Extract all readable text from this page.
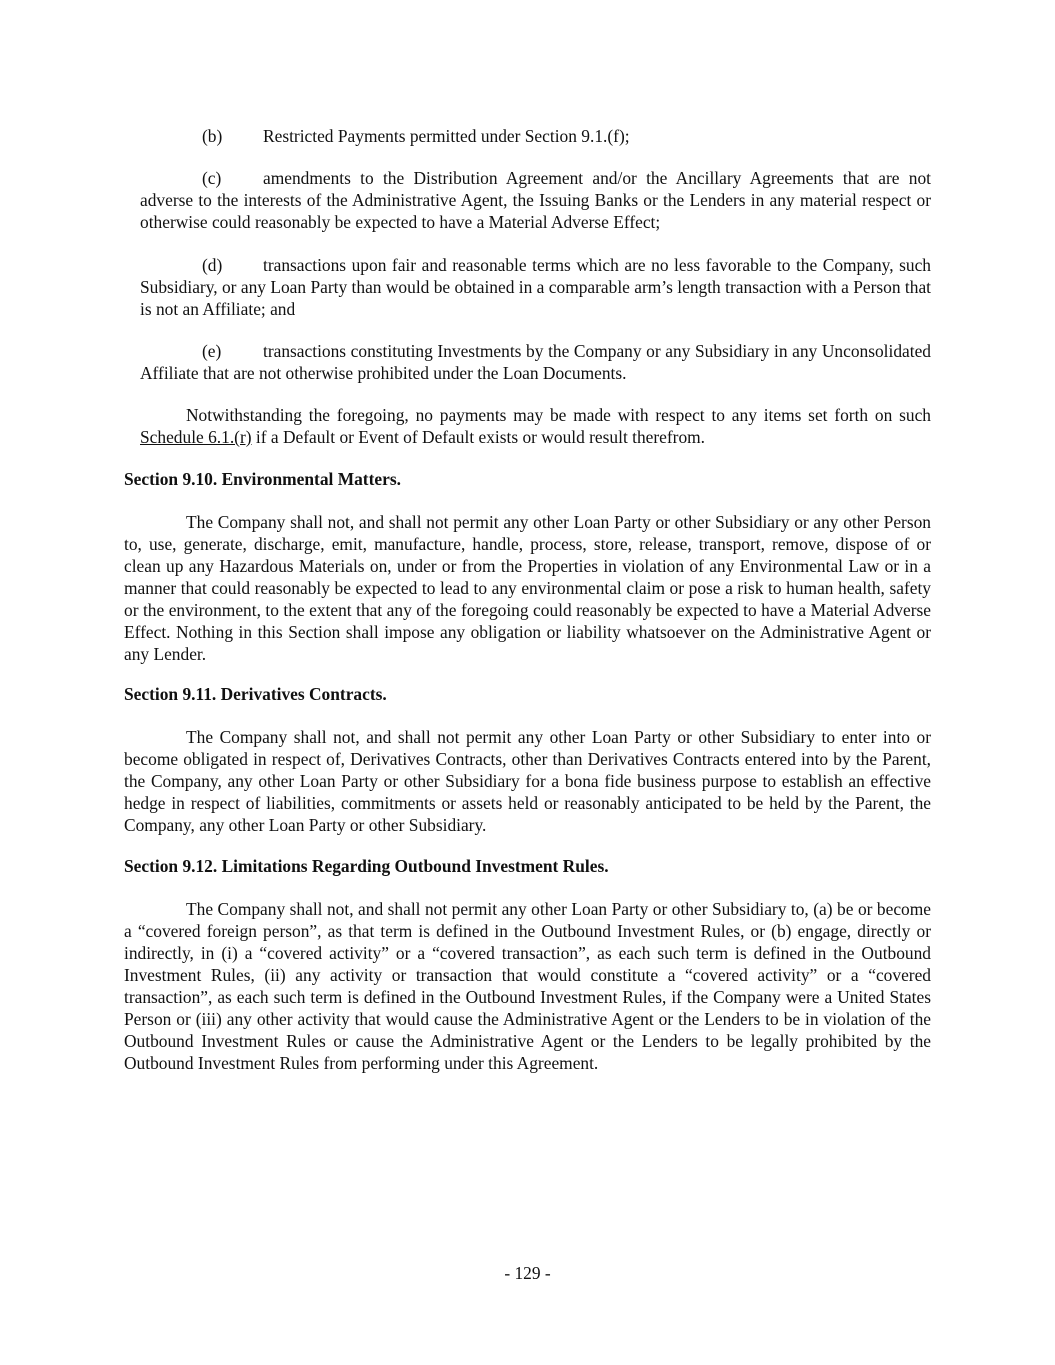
(b) Restricted Payments permitted under Section 9.1.(f);
(c) amendments to the Distribution Agreement and/or the Ancillary Agreements that are not adverse to the interests of the Administrative Agent, the Issuing Banks or the Lenders in any material respect or otherwise could reasonably be expected to have a Material Adverse Effect;
(d) transactions upon fair and reasonable terms which are no less favorable to the Company, such Subsidiary, or any Loan Party than would be obtained in a comparable arm’s length transaction with a Person that is not an Affiliate; and
(e) transactions constituting Investments by the Company or any Subsidiary in any Unconsolidated Affiliate that are not otherwise prohibited under the Loan Documents.
Notwithstanding the foregoing, no payments may be made with respect to any items set forth on such Schedule 6.1.(r) if a Default or Event of Default exists or would result therefrom.
Section 9.10. Environmental Matters.
The Company shall not, and shall not permit any other Loan Party or other Subsidiary or any other Person to, use, generate, discharge, emit, manufacture, handle, process, store, release, transport, remove, dispose of or clean up any Hazardous Materials on, under or from the Properties in violation of any Environmental Law or in a manner that could reasonably be expected to lead to any environmental claim or pose a risk to human health, safety or the environment, to the extent that any of the foregoing could reasonably be expected to have a Material Adverse Effect. Nothing in this Section shall impose any obligation or liability whatsoever on the Administrative Agent or any Lender.
Section 9.11. Derivatives Contracts.
The Company shall not, and shall not permit any other Loan Party or other Subsidiary to enter into or become obligated in respect of, Derivatives Contracts, other than Derivatives Contracts entered into by the Parent, the Company, any other Loan Party or other Subsidiary for a bona fide business purpose to establish an effective hedge in respect of liabilities, commitments or assets held or reasonably anticipated to be held by the Parent, the Company, any other Loan Party or other Subsidiary.
Section 9.12. Limitations Regarding Outbound Investment Rules.
The Company shall not, and shall not permit any other Loan Party or other Subsidiary to, (a) be or become a “covered foreign person”, as that term is defined in the Outbound Investment Rules, or (b) engage, directly or indirectly, in (i) a “covered activity” or a “covered transaction”, as each such term is defined in the Outbound Investment Rules, (ii) any activity or transaction that would constitute a “covered activity” or a “covered transaction”, as each such term is defined in the Outbound Investment Rules, if the Company were a United States Person or (iii) any other activity that would cause the Administrative Agent or the Lenders to be in violation of the Outbound Investment Rules or cause the Administrative Agent or the Lenders to be legally prohibited by the Outbound Investment Rules from performing under this Agreement.
- 129 -
